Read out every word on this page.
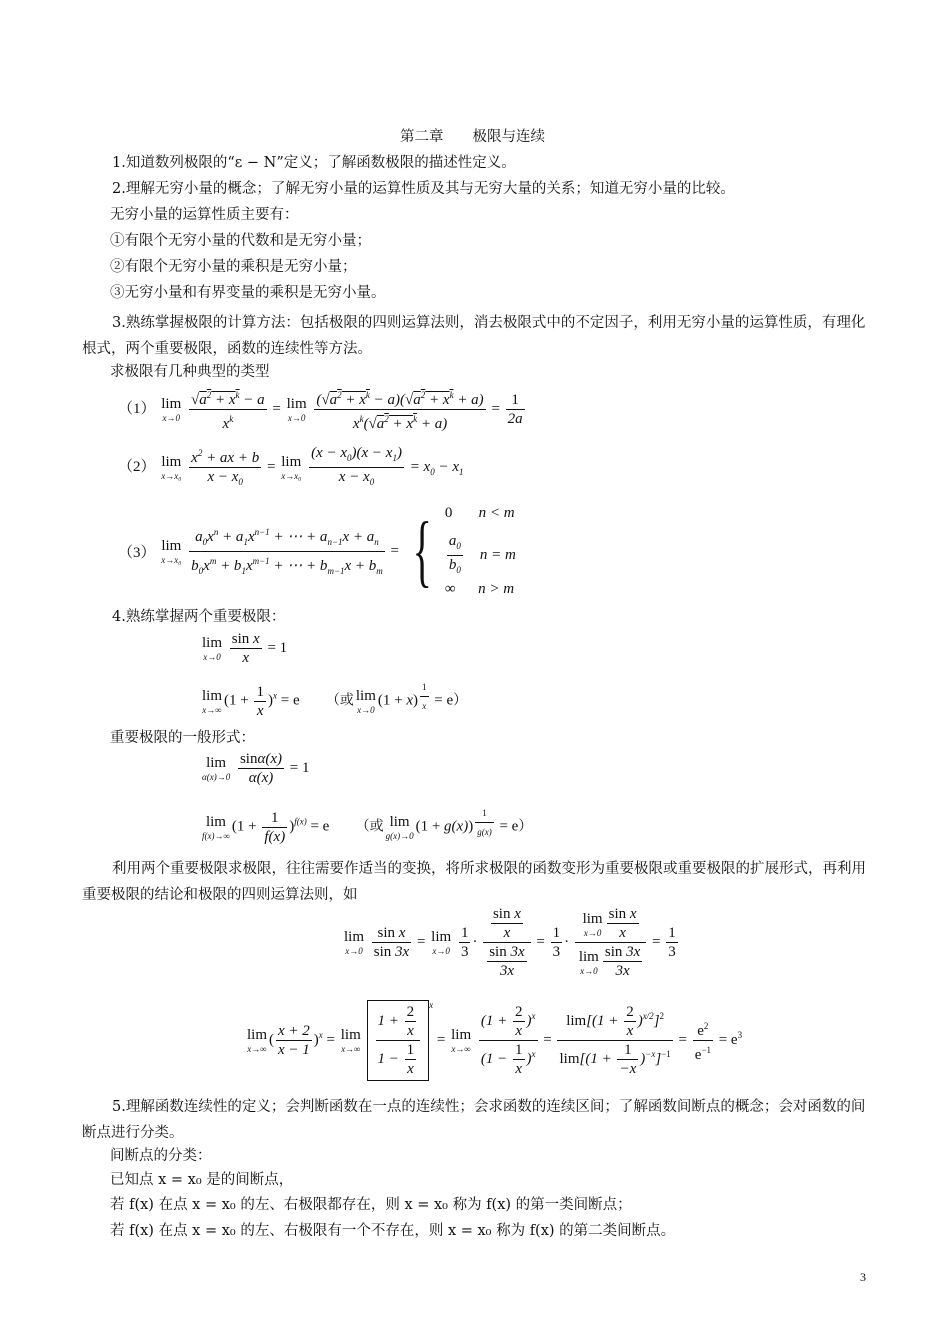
第二章　　极限与连续
1.知道数列极限的“ε − N”定义；了解函数极限的描述性定义。
2.理解无穷小量的概念；了解无穷小量的运算性质及其与无穷大量的关系；知道无穷小量的比较。
无穷小量的运算性质主要有：
①有限个无穷小量的代数和是无穷小量；
②有限个无穷小量的乘积是无穷小量；
③无穷小量和有界变量的乘积是无穷小量。
3.熟练掌握极限的计算方法：包括极限的四则运算法则，消去极限式中的不定因子，利用无穷小量的运算性质，有理化根式，两个重要极限，函数的连续性等方法。
求极限有几种典型的类型
（1） lim
x→0
$\frac{√a^2 + x^k - a}{x^k} = \lim$
x→0
$\frac{(√a^2 + x^k - a)(√a^2 + x^k + a)}{x^k(√a^2 + x^k + a)} = \frac{1}{2a}$
（2） lim
x→x₀
$\frac{x^2 + ax + b}{x - x_0} = \lim$
x→x₀
$\frac{(x - x_0)(x - x_1)}{x - x_0} = x_0 - x_1$
（3） lim
x→x₀
$\frac{a_0x^n + a_1x^{n-1} + \cdots + a_{n-1}x + a_n}{b_0x^m + b_1x^{m-1} + \cdots + b_{m-1}x + b_m}$ = { 0       n < m
$\frac{a_0}{b_0}$ n = m
∞      n > m
4.熟练掌握两个重要极限：
lim
x→0
$\frac{\text{sin x}}{x} = 1$
lim
x→∞
$(1 + \frac{1}{x} )^x = e$       （或 lim
x→0
(1 + x) $^{\frac{1}{x}}$ = e）
重要极限的一般形式：
lim
α(x)→0
$\frac{\sin\alpha(x)}{\alpha(x)} = 1$
lim
f(x)→∞
$(1 + \frac{1}{f(x)} )^{f(x)} = e$       （或 lim
g(x)→0
(1 + g(x)) $^{\frac{1}{g(x)}}$ = e）
利用两个重要极限求极限，往往需要作适当的变换，将所求极限的函数变形为重要极限或重要极限的扩展形式，再利用重要极限的结论和极限的四则运算法则，如
lim
x→0
$\frac{\text{sin x}}{\sin 3x} = \lim$
x→0
$\frac{1}{3} \cdot \frac{\frac{\text{sin x}}{x}}{\frac{\sin 3x}{3x}} = \frac{1}{3} \cdot \lim$
$x\to 0 \frac{\text{sin x}}{x}$
lim
$x\to 0 \frac{\sin 3x}{3x} = \frac{1}{3}$
lim
x→∞
( $\frac{x + 2}{x - 1} )^x = \lim$
x→∞

$1 + \frac{2}{x}$
$1 - \frac{1}{x}$
$^x$ = lim
x→∞
$\frac{(1 + \frac{2}{x} )^x}{(1 - \frac{1}{x} )^x} = \frac{\lim[(1 + \frac{2}{x} )^{x/2}]^2}{\lim[(1 + \frac{1}{-x} )^{-x}]^{-1}} = \frac{e^2}{e^{-1}} = e^3$
5.理解函数连续性的定义；会判断函数在一点的连续性；会求函数的连续区间；了解函数间断点的概念；会对函数的间断点进行分类。
间断点的分类：
已知点 x = x₀ 是的间断点，
若 f(x) 在点 x = x₀ 的左、右极限都存在，则 x = x₀ 称为 f(x) 的第一类间断点；
若 f(x) 在点 x = x₀ 的左、右极限有一个不存在，则 x = x₀ 称为 f(x) 的第二类间断点。
3
